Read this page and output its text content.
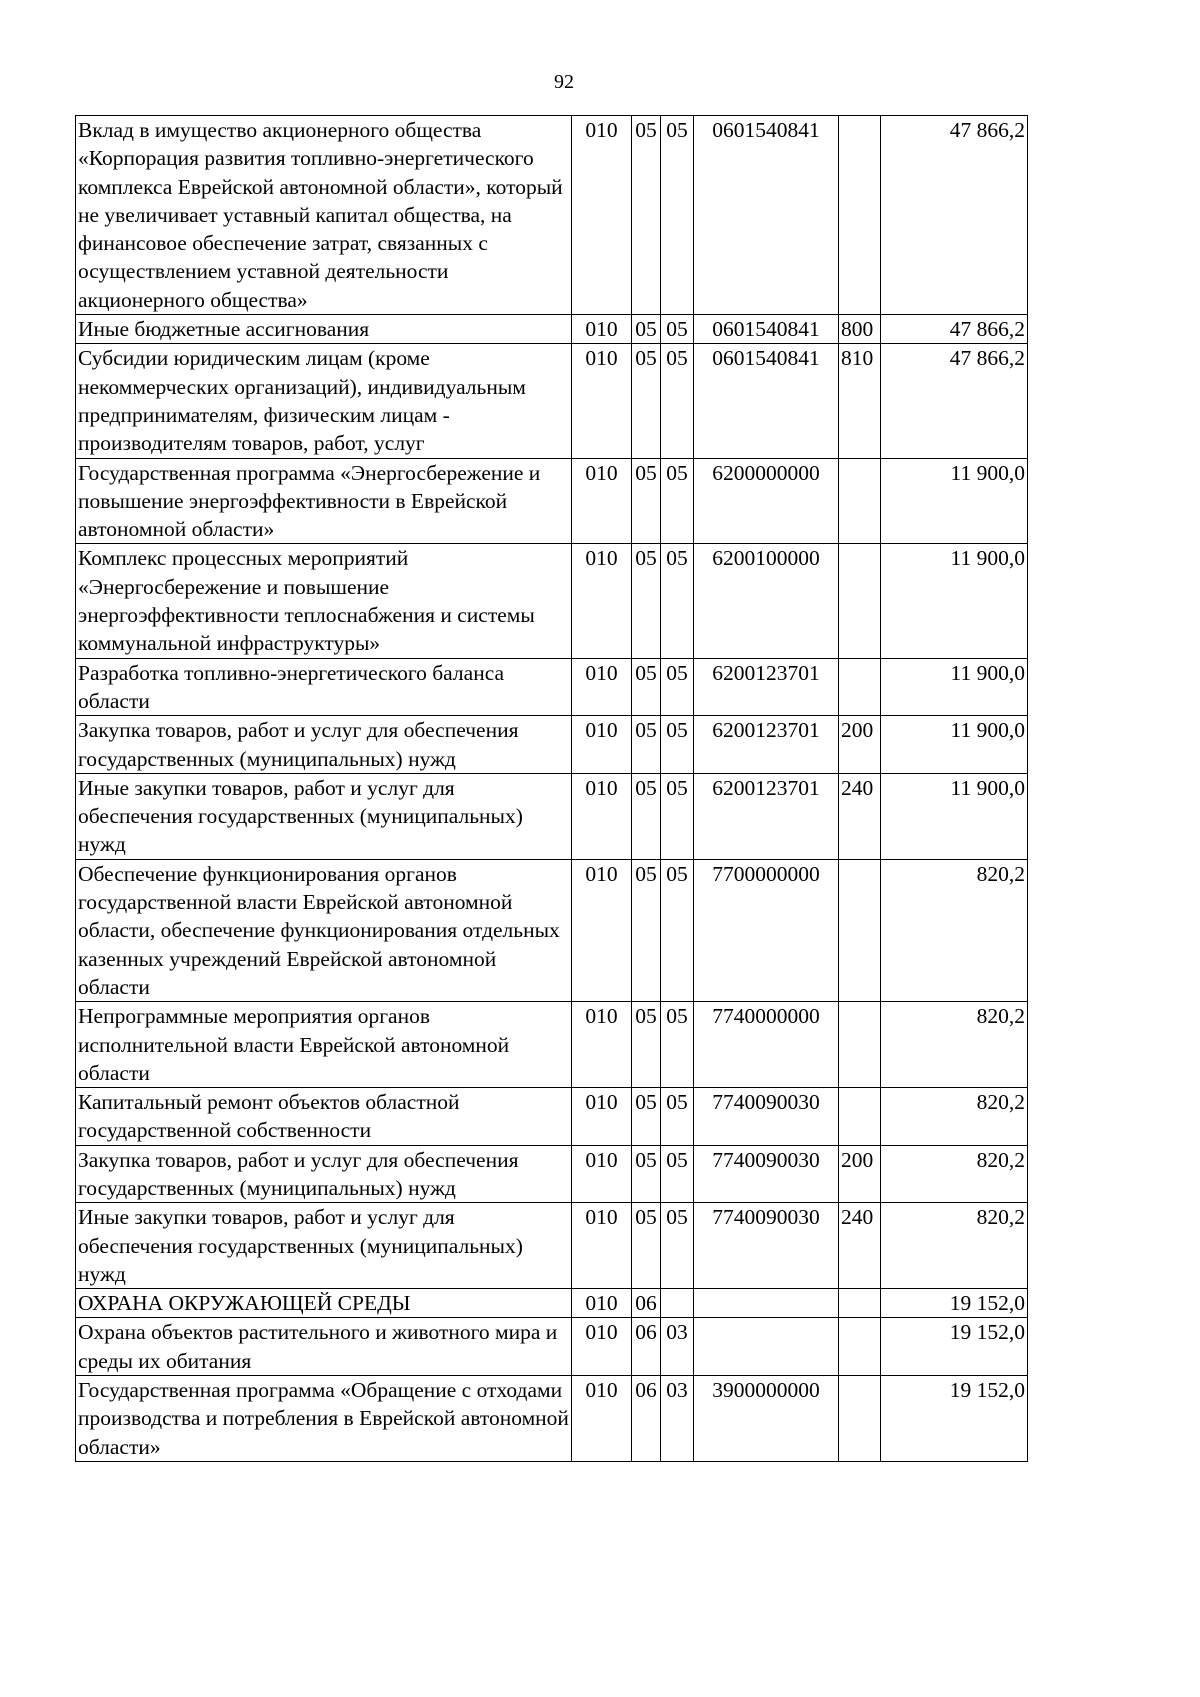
92
Вклад в имущество акционерного общества «Корпорация развития топливно-энергетического комплекса Еврейской автономной области», который не увеличивает уставный капитал общества, на финансовое обеспечение затрат, связанных с осуществлением уставной деятельности акционерного общества»	010	05	05	0601540841		47 866,2
Иные бюджетные ассигнования	010	05	05	0601540841	800	47 866,2
Субсидии юридическим лицам (кроме некоммерческих организаций), индивидуальным предпринимателям, физическим лицам - производителям товаров, работ, услуг	010	05	05	0601540841	810	47 866,2
Государственная программа «Энергосбережение и повышение энергоэффективности в Еврейской автономной области»	010	05	05	6200000000		11 900,0
Комплекс процессных мероприятий «Энергосбережение и повышение энергоэффективности теплоснабжения и системы коммунальной инфраструктуры»	010	05	05	6200100000		11 900,0
Разработка топливно-энергетического баланса области	010	05	05	6200123701		11 900,0
Закупка товаров, работ и услуг для обеспечения государственных (муниципальных) нужд	010	05	05	6200123701	200	11 900,0
Иные закупки товаров, работ и услуг для обеспечения государственных (муниципальных) нужд	010	05	05	6200123701	240	11 900,0
Обеспечение функционирования органов государственной власти Еврейской автономной области, обеспечение функционирования отдельных казенных учреждений Еврейской автономной области	010	05	05	7700000000		820,2
Непрограммные мероприятия органов исполнительной власти Еврейской автономной области	010	05	05	7740000000		820,2
Капитальный ремонт объектов областной государственной собственности	010	05	05	7740090030		820,2
Закупка товаров, работ и услуг для обеспечения государственных (муниципальных) нужд	010	05	05	7740090030	200	820,2
Иные закупки товаров, работ и услуг для обеспечения государственных (муниципальных) нужд	010	05	05	7740090030	240	820,2
ОХРАНА ОКРУЖАЮЩЕЙ СРЕДЫ	010	06				19 152,0
Охрана объектов растительного и животного мира и среды их обитания	010	06	03			19 152,0
Государственная программа «Обращение с отходами производства и потребления в Еврейской автономной области»	010	06	03	3900000000		19 152,0
